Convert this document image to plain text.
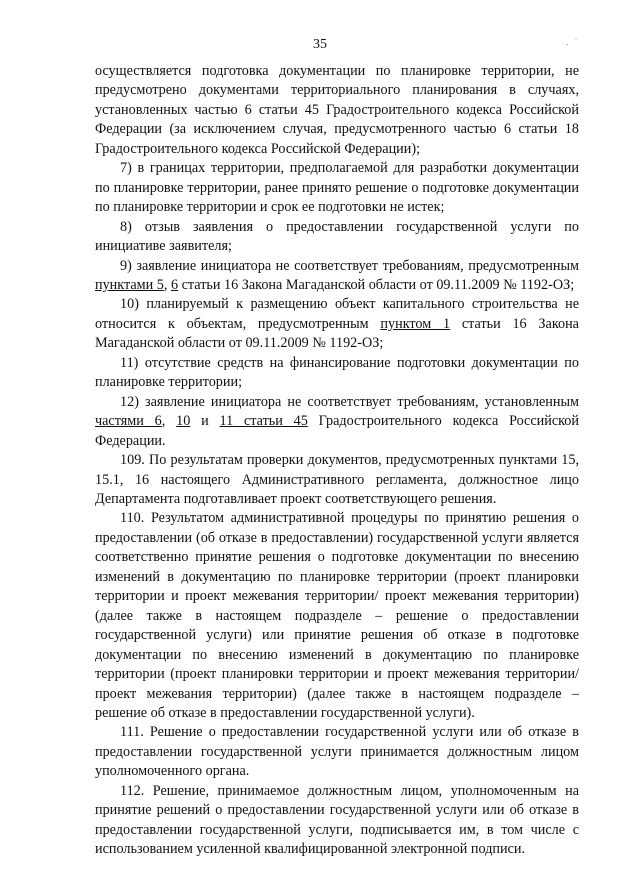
35	. ˙

осуществляется подготовка документации по планировке территории, не предусмотрено документами территориального планирования в случаях, установленных частью 6 статьи 45 Градостроительного кодекса Российской Федерации (за исключением случая, предусмотренного частью 6 статьи 18 Градостроительного кодекса Российской Федерации);

7) в границах территории, предполагаемой для разработки документации по планировке территории, ранее принято решение о подготовке документации по планировке территории и срок ее подготовки не истек;

8) отзыв заявления о предоставлении государственной услуги по инициативе заявителя;

9) заявление инициатора не соответствует требованиям, предусмотренным пунктами 5, 6 статьи 16 Закона Магаданской области от 09.11.2009 № 1192-ОЗ;

10) планируемый к размещению объект капитального строительства не относится к объектам, предусмотренным пунктом 1 статьи 16 Закона Магаданской области от 09.11.2009 № 1192-ОЗ;

11) отсутствие средств на финансирование подготовки документации по планировке территории;

12) заявление инициатора не соответствует требованиям, установленным частями 6, 10 и 11 статьи 45 Градостроительного кодекса Российской Федерации.

109. По результатам проверки документов, предусмотренных пунктами 15, 15.1, 16 настоящего Административного регламента, должностное лицо Департамента подготавливает проект соответствующего решения.

110. Результатом административной процедуры по принятию решения о предоставлении (об отказе в предоставлении) государственной услуги является соответственно принятие решения о подготовке документации по внесению изменений в документацию по планировке территории (проект планировки территории и проект межевания территории/ проект межевания территории) (далее также в настоящем подразделе – решение о предоставлении государственной услуги) или принятие решения об отказе в подготовке документации по внесению изменений в документацию по планировке территории (проект планировки территории и проект межевания территории/ проект межевания территории) (далее также в настоящем подразделе – решение об отказе в предоставлении государственной услуги).

111. Решение о предоставлении государственной услуги или об отказе в предоставлении государственной услуги принимается должностным лицом уполномоченного органа.

112. Решение, принимаемое должностным лицом, уполномоченным на принятие решений о предоставлении государственной услуги или об отказе в предоставлении государственной услуги, подписывается им, в том числе с использованием усиленной квалифицированной электронной подписи.
